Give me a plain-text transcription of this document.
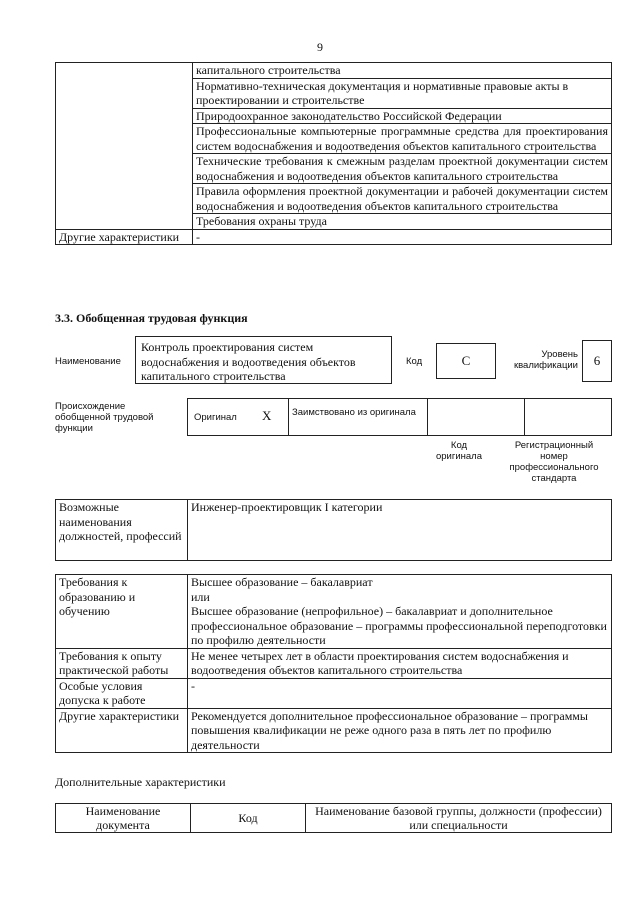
9
	капитального строительства
	Нормативно-техническая документация и нормативные правовые акты в проектировании и строительстве
	Природоохранное законодательство Российской Федерации
	Профессиональные компьютерные программные средства для проектирования систем водоснабжения и водоотведения объектов капитального строительства
	Технические требования к смежным разделам проектной документации систем водоснабжения и водоотведения объектов капитального строительства
	Правила оформления проектной документации и рабочей документации систем водоснабжения и водоотведения объектов капитального строительства
	Требования охраны труда
Другие характеристики	-
3.3. Обобщенная трудовая функция
Наименование
Контроль проектирования систем водоснабжения и водоотведения объектов капитального строительства
Код	C	Уровень квалификации	6
Происхождение обобщенной трудовой функции
Оригинал X Заимствовано из оригинала
Код оригинала
Регистрационный номер профессионального стандарта
Возможные наименования должностей, профессий	Инженер-проектировщик I категории
Требования к образованию и обучению	Высшее образование – бакалавриат
или
Высшее образование (непрофильное) – бакалавриат и дополнительное профессиональное образование – программы профессиональной переподготовки по профилю деятельности
Требования к опыту практической работы	Не менее четырех лет в области проектирования систем водоснабжения и водоотведения объектов капитального строительства
Особые условия допуска к работе	-
Другие характеристики	Рекомендуется дополнительное профессиональное образование – программы повышения квалификации не реже одного раза в пять лет по профилю деятельности
Дополнительные характеристики
Наименование документа	Код	Наименование базовой группы, должности (профессии) или специальности
